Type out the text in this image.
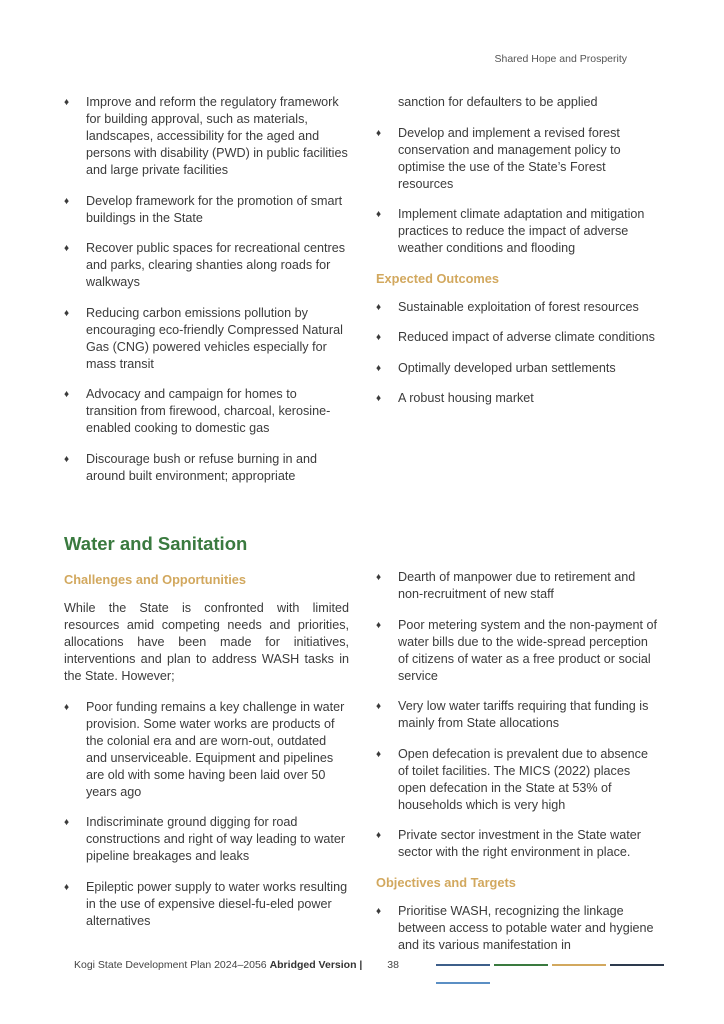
Shared Hope and Prosperity
♦ Improve and reform the regulatory framework for building approval, such as materials, landscapes, accessibility for the aged and persons with disability (PWD) in public facilities and large private facilities
♦ Develop framework for the promotion of smart buildings in the State
♦ Recover public spaces for recreational centres and parks, clearing shanties along roads for walkways
♦ Reducing carbon emissions pollution by encouraging eco-friendly Compressed Natural Gas (CNG) powered vehicles especially for mass transit
♦ Advocacy and campaign for homes to transition from firewood, charcoal, kerosine-enabled cooking to domestic gas
♦ Discourage bush or refuse burning in and around built environment; appropriate

sanction for defaulters to be applied

♦ Develop and implement a revised forest conservation and management policy to optimise the use of the State’s Forest resources
♦ Implement climate adaptation and mitigation practices to reduce the impact of adverse weather conditions and flooding
Expected Outcomes
♦ Sustainable exploitation of forest resources
♦ Reduced impact of adverse climate conditions
♦ Optimally developed urban settlements
♦ A robust housing market
Water and Sanitation
Challenges and Opportunities

While the State is confronted with limited resources amid competing needs and priorities, allocations have been made for initiatives, interventions and plan to address WASH tasks in the State. However;

♦ Poor funding remains a key challenge in water provision. Some water works are products of the colonial era and are worn-out, outdated and unserviceable. Equipment and pipelines are old with some having been laid over 50 years ago
♦ Indiscriminate ground digging for road constructions and right of way leading to water pipeline breakages and leaks
♦ Epileptic power supply to water works resulting in the use of expensive diesel-fu-eled power alternatives
♦ Dearth of manpower due to retirement and non-recruitment of new staff
♦ Poor metering system and the non-payment of water bills due to the wide-spread perception of citizens of water as a free product or social service
♦ Very low water tariffs requiring that funding is mainly from State allocations
♦ Open defecation is prevalent due to absence of toilet facilities. The MICS (2022) places open defecation in the State at 53% of households which is very high
♦ Private sector investment in the State water sector with the right environment in place.
Objectives and Targets
♦ Prioritise WASH, recognizing the linkage between access to potable water and hygiene and its various manifestation in
Kogi State Development Plan 2024–2056 Abridged Version | 38
